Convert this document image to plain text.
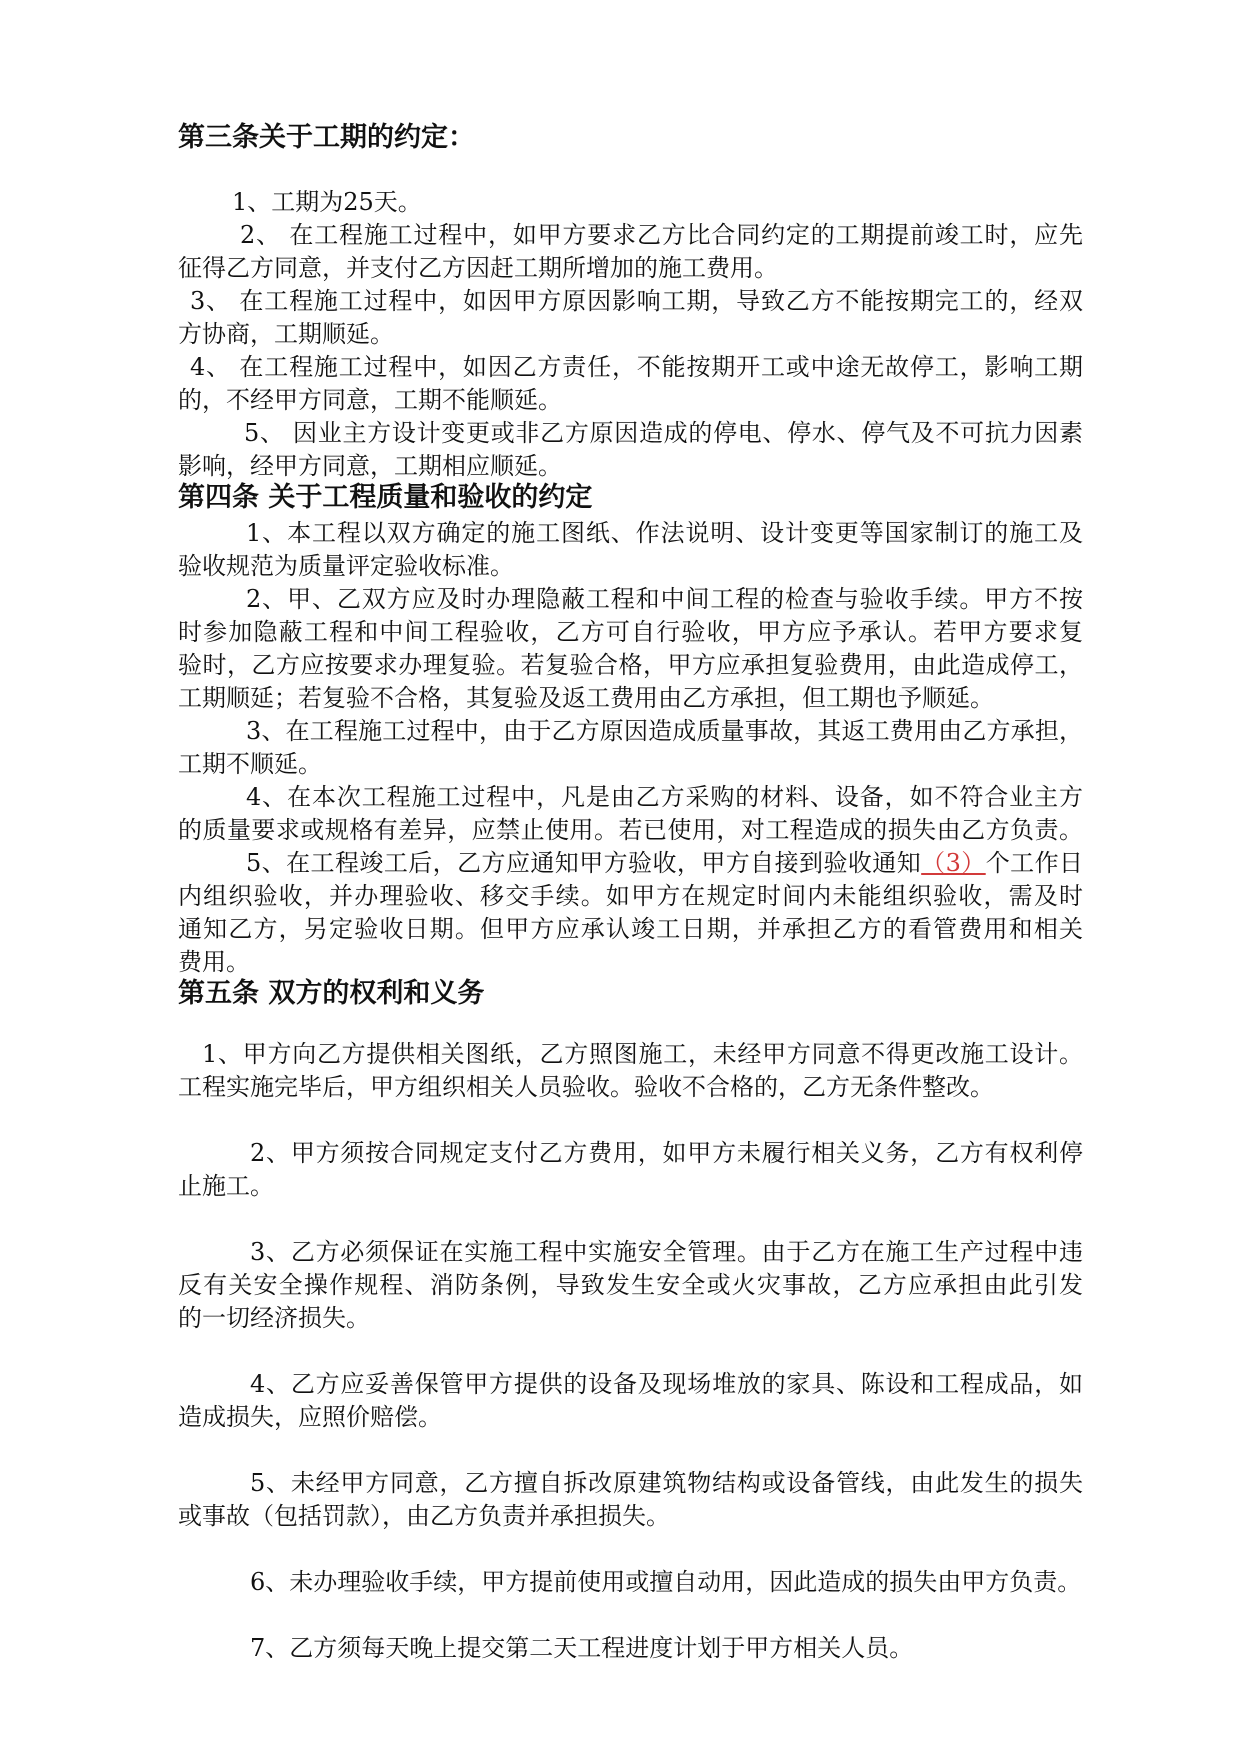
第三条关于工期的约定：
1、工期为25天。
2、 在工程施工过程中，如甲方要求乙方比合同约定的工期提前竣工时，应先
征得乙方同意，并支付乙方因赶工期所增加的施工费用。
3、 在工程施工过程中，如因甲方原因影响工期，导致乙方不能按期完工的，经双
方协商，工期顺延。
4、 在工程施工过程中，如因乙方责任，不能按期开工或中途无故停工，影响工期
的，不经甲方同意，工期不能顺延。
5、 因业主方设计变更或非乙方原因造成的停电、停水、停气及不可抗力因素
影响，经甲方同意，工期相应顺延。
第四条 关于工程质量和验收的约定
1、本工程以双方确定的施工图纸、作法说明、设计变更等国家制订的施工及
验收规范为质量评定验收标准。
2、甲、乙双方应及时办理隐蔽工程和中间工程的检查与验收手续。甲方不按
时参加隐蔽工程和中间工程验收，乙方可自行验收，甲方应予承认。若甲方要求复
验时，乙方应按要求办理复验。若复验合格，甲方应承担复验费用，由此造成停工，
工期顺延；若复验不合格，其复验及返工费用由乙方承担，但工期也予顺延。
3、在工程施工过程中，由于乙方原因造成质量事故，其返工费用由乙方承担，
工期不顺延。
4、在本次工程施工过程中，凡是由乙方采购的材料、设备，如不符合业主方
的质量要求或规格有差异，应禁止使用。若已使用，对工程造成的损失由乙方负责。
5、在工程竣工后，乙方应通知甲方验收，甲方自接到验收通知（3）个工作日
内组织验收，并办理验收、移交手续。如甲方在规定时间内未能组织验收，需及时
通知乙方，另定验收日期。但甲方应承认竣工日期，并承担乙方的看管费用和相关
费用。
第五条 双方的权利和义务
1、甲方向乙方提供相关图纸，乙方照图施工，未经甲方同意不得更改施工设计。
工程实施完毕后，甲方组织相关人员验收。验收不合格的，乙方无条件整改。
2、甲方须按合同规定支付乙方费用，如甲方未履行相关义务，乙方有权利停
止施工。
3、乙方必须保证在实施工程中实施安全管理。由于乙方在施工生产过程中违
反有关安全操作规程、消防条例，导致发生安全或火灾事故，乙方应承担由此引发
的一切经济损失。
4、乙方应妥善保管甲方提供的设备及现场堆放的家具、陈设和工程成品，如
造成损失，应照价赔偿。
5、未经甲方同意，乙方擅自拆改原建筑物结构或设备管线，由此发生的损失
或事故（包括罚款），由乙方负责并承担损失。
6、未办理验收手续，甲方提前使用或擅自动用，因此造成的损失由甲方负责。
7、乙方须每天晚上提交第二天工程进度计划于甲方相关人员。
